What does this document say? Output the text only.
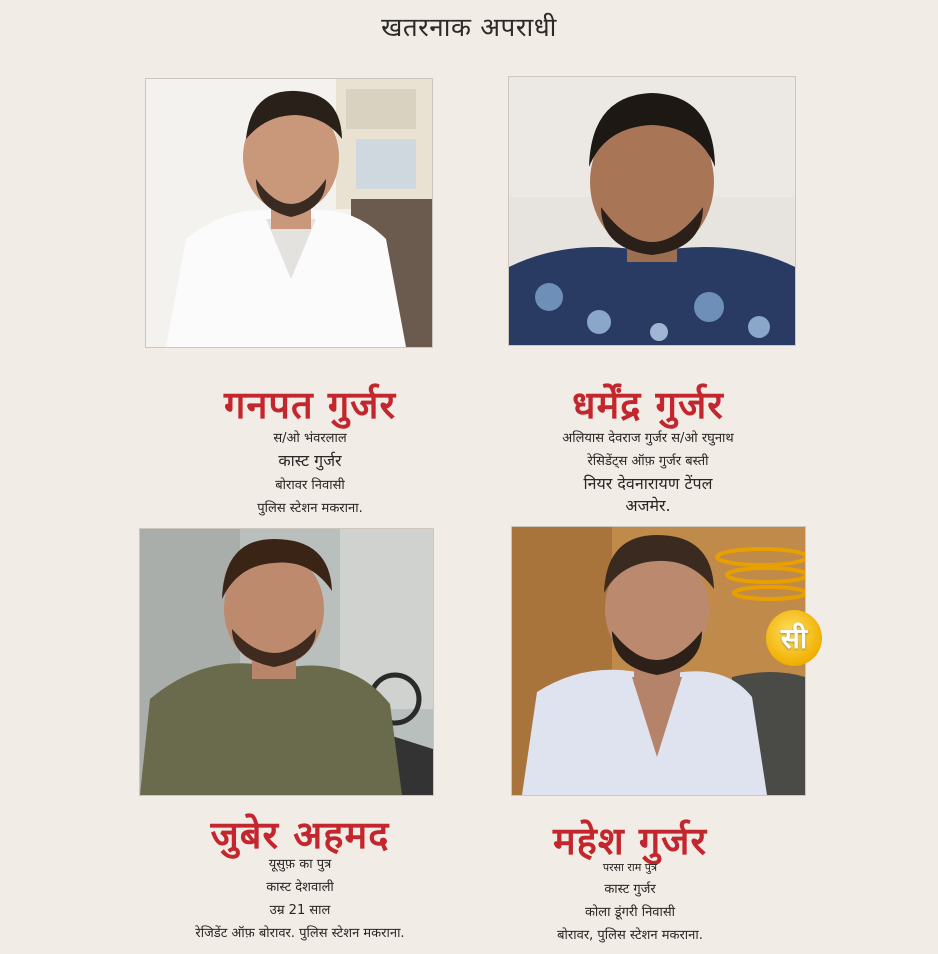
खतरनाक अपराधी
गनपत गुर्जर
स/ओ भंवरलाल
कास्ट गुर्जर
बोरावर निवासी
पुलिस स्टेशन मकराना.
धर्मेंद्र गुर्जर
अलियास देवराज गुर्जर स/ओ रघुनाथ
रेसिडेंट्स ऑफ़ गुर्जर बस्ती
नियर देवनारायण टेंपल
अजमेर.
सी
जुबेर अहमद
यूसुफ़ का पुत्र
कास्ट देशवाली
उम्र 21 साल
रेजिडेंट ऑफ़ बोरावर. पुलिस स्टेशन मकराना.
महेश गुर्जर
परसा राम पुत्र
कास्ट गुर्जर
कोला डूंगरी निवासी
बोरावर, पुलिस स्टेशन मकराना.
